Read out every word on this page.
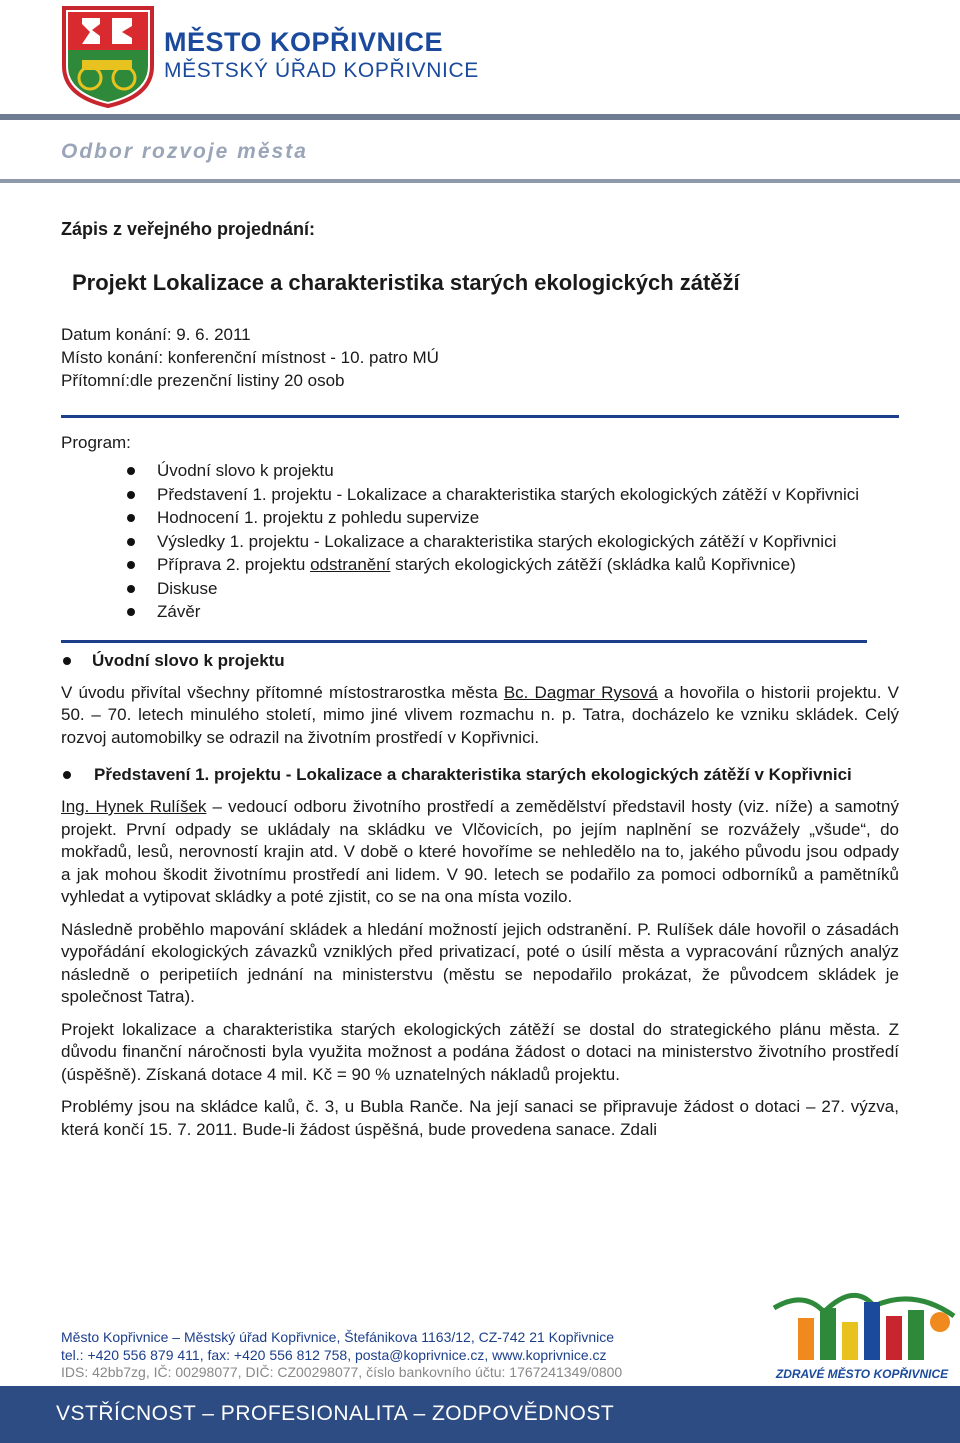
MĚSTO KOPŘIVNICE
MĚSTSKÝ ÚŘAD KOPŘIVNICE
Odbor rozvoje města
Zápis z veřejného projednání:
Projekt Lokalizace a charakteristika starých ekologických zátěží
Datum konání: 9. 6. 2011
Místo konání: konferenční místnost - 10. patro MÚ
Přítomní:dle prezenční listiny 20 osob
Program:
Úvodní slovo k projektu
Představení 1. projektu - Lokalizace a charakteristika starých ekologických zátěží v Kopřivnici
Hodnocení 1. projektu z pohledu supervize
Výsledky 1. projektu - Lokalizace a charakteristika starých ekologických zátěží v Kopřivnici
Příprava 2. projektu odstranění starých ekologických zátěží (skládka kalů Kopřivnice)
Diskuse
Závěr
Úvodní slovo k projektu
V úvodu přivítal všechny přítomné místostrarostka města Bc. Dagmar Rysová a hovořila o historii projektu. V 50. – 70. letech minulého století, mimo jiné vlivem rozmachu n. p. Tatra, docházelo ke vzniku skládek. Celý rozvoj automobilky se odrazil na životním prostředí v Kopřivnici.
Představení 1. projektu - Lokalizace a charakteristika starých ekologických zátěží v Kopřivnici
Ing. Hynek Rulíšek – vedoucí odboru životního prostředí a zemědělství představil hosty (viz. níže) a samotný projekt. První odpady se ukládaly na skládku ve Vlčovicích, po jejím naplnění se rozvážely „všude“, do mokřadů, lesů, nerovností krajin atd. V době o které hovoříme se nehledělo na to, jakého původu jsou odpady a jak mohou škodit životnímu prostředí ani lidem. V 90. letech se podařilo za pomoci odborníků a pamětníků vyhledat a vytipovat skládky a poté zjistit, co se na ona místa vozilo.
Následně proběhlo mapování skládek a hledání možností jejich odstranění. P. Rulíšek dále hovořil o zásadách vypořádání ekologických závazků vzniklých před privatizací, poté o úsilí města a vypracování různých analýz následně o peripetiích jednání na ministerstvu (městu se nepodařilo prokázat, že původcem skládek je společnost Tatra).
Projekt lokalizace a charakteristika starých ekologických zátěží se dostal do strategického plánu města. Z důvodu finanční náročnosti byla využita možnost a podána žádost o dotaci na ministerstvo životního prostředí (úspěšně). Získaná dotace 4 mil. Kč = 90 % uznatelných nákladů projektu.
Problémy jsou na skládce kalů, č. 3, u Bubla Ranče. Na její sanaci se připravuje žádost o dotaci – 27. výzva, která končí 15. 7. 2011. Bude-li žádost úspěšná, bude provedena sanace. Zdali
ZDRAVÉ MĚSTO KOPŘIVNICE
Město Kopřivnice – Městský úřad Kopřivnice, Štefánikova 1163/12, CZ-742 21 Kopřivnice
tel.: +420 556 879 411, fax: +420 556 812 758, posta@koprivnice.cz, www.koprivnice.cz
IDS: 42bb7zg, IČ: 00298077, DIČ: CZ00298077, číslo bankovního účtu: 1767241349/0800
VSTŘÍCNOST – PROFESIONALITA – ZODPOVĚDNOST
